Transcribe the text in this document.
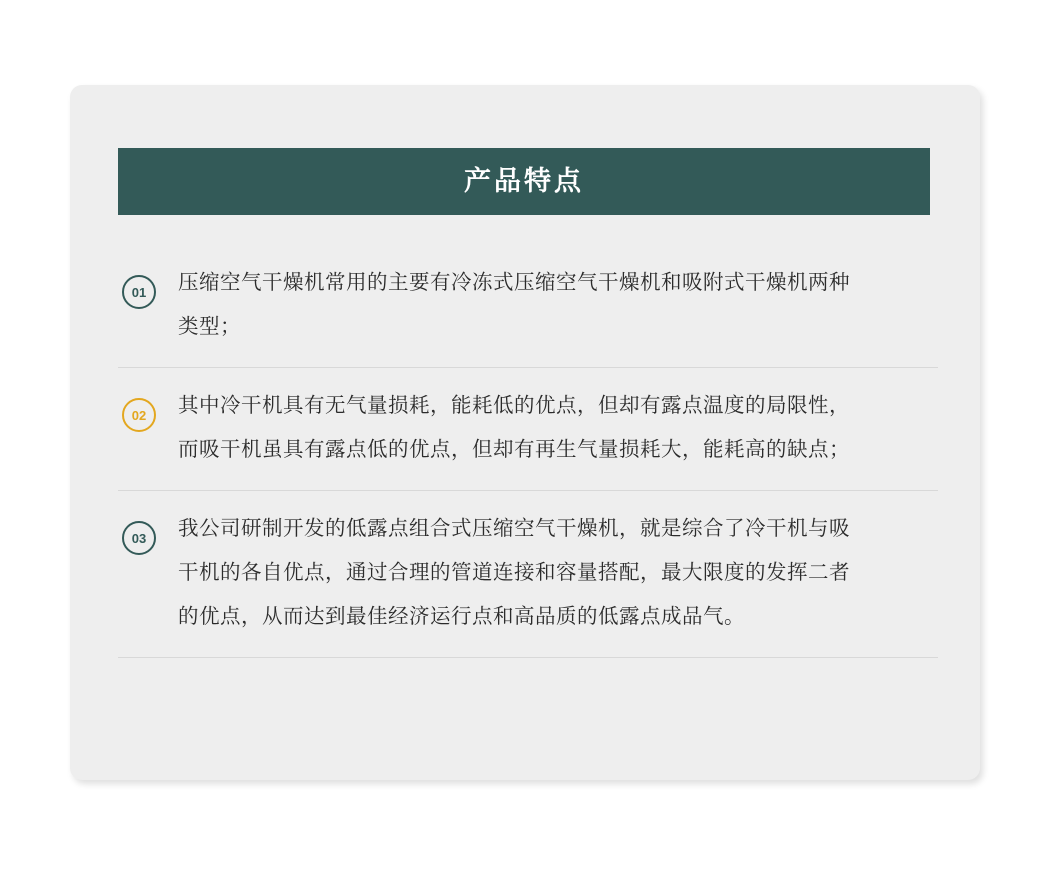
产品特点
01	压缩空气干燥机常用的主要有冷冻式压缩空气干燥机和吸附式干燥机两种类型；
02	其中冷干机具有无气量损耗，能耗低的优点，但却有露点温度的局限性，而吸干机虽具有露点低的优点，但却有再生气量损耗大，能耗高的缺点；
03	我公司研制开发的低露点组合式压缩空气干燥机，就是综合了冷干机与吸干机的各自优点，通过合理的管道连接和容量搭配，最大限度的发挥二者的优点，从而达到最佳经济运行点和高品质的低露点成品气。
